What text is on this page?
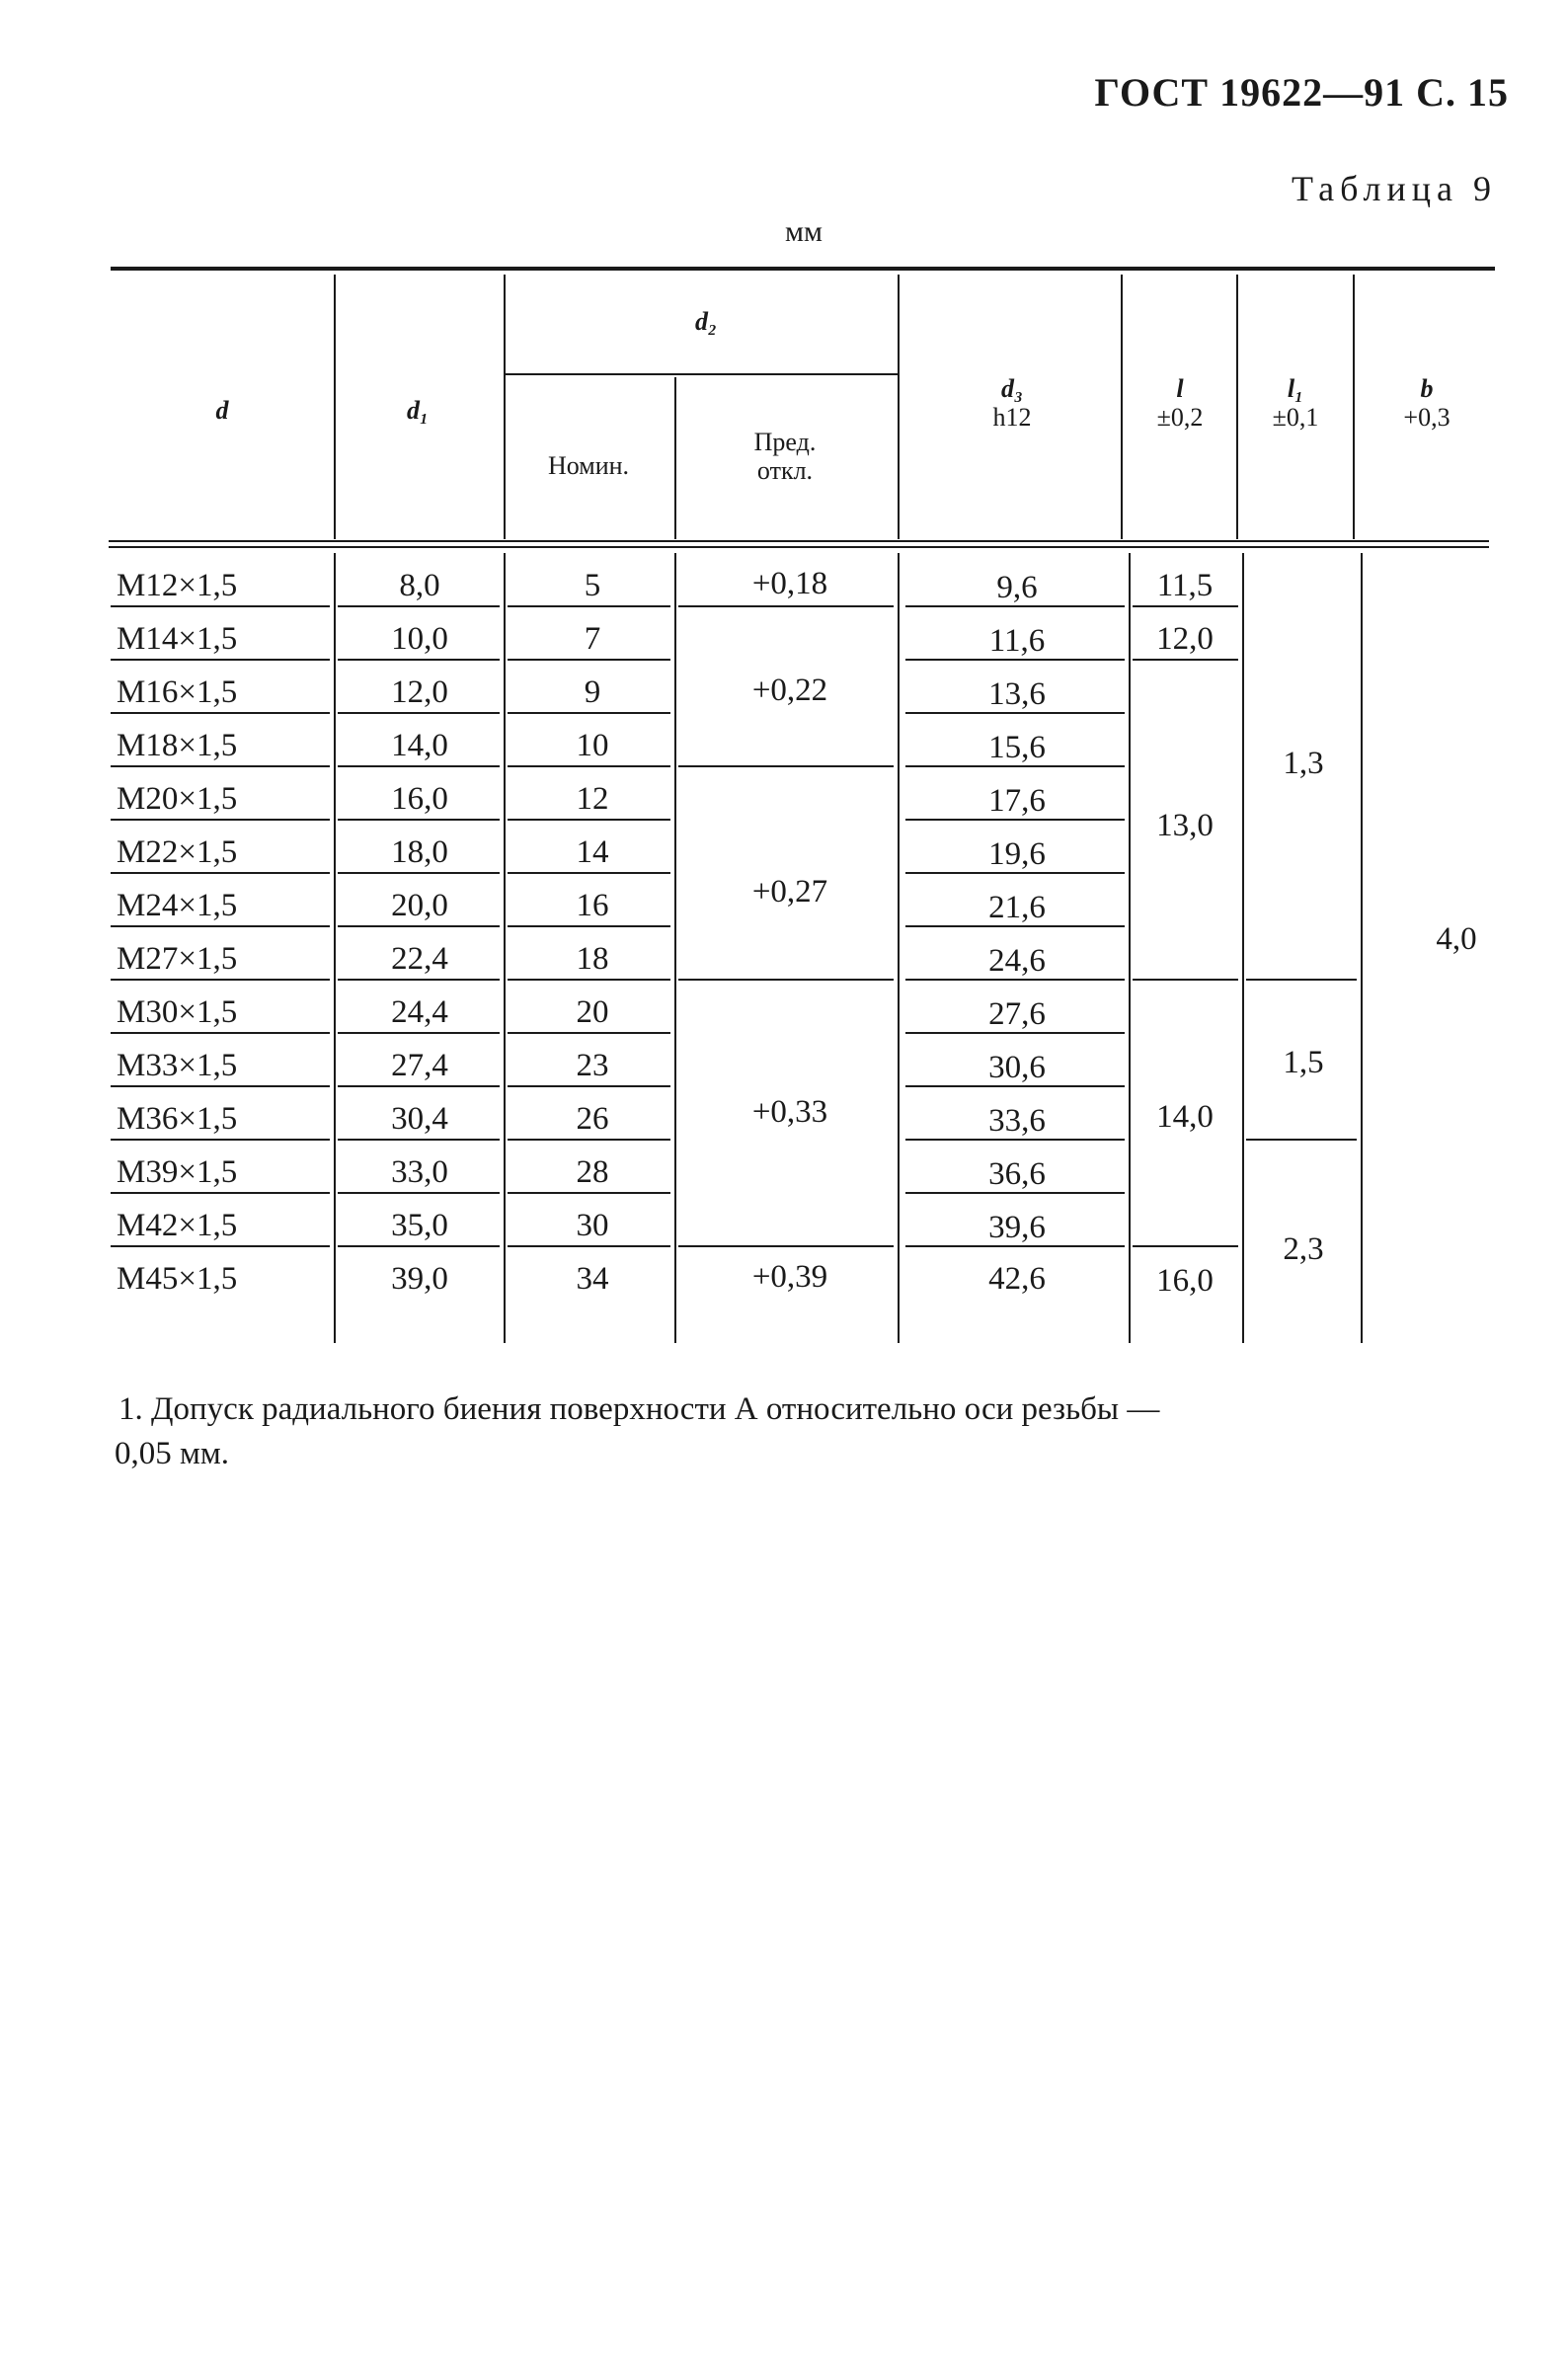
ГОСТ 19622—91 С. 15
Таблица 9
мм
d	d₁
d₂
Номин.
Пред.
откл.
d₃
h12
l
±0,2
l₁
±0,1
b
+0,3
M12×1,5
M14×1,5
M16×1,5
M18×1,5
M20×1,5
M22×1,5
M24×1,5
M27×1,5
M30×1,5
M33×1,5
M36×1,5
M39×1,5
M42×1,5
M45×1,5
8,0
10,0
12,0
14,0
16,0
18,0
20,0
22,4
24,4
27,4
30,4
33,0
35,0
39,0
5
7
9
10
12
14
16
18
20
23
26
28
30
34
+0,18
+0,22
+0,27
+0,33
+0,39
9,6
11,6
13,6
15,6
17,6
19,6
21,6
24,6
27,6
30,6
33,6
36,6
39,6
42,6
11,5
12,0
13,0
14,0
16,0
1,3
1,5
2,3
4,0
1. Допуск радиального биения поверхности А относительно оси резьбы —
0,05 мм.
